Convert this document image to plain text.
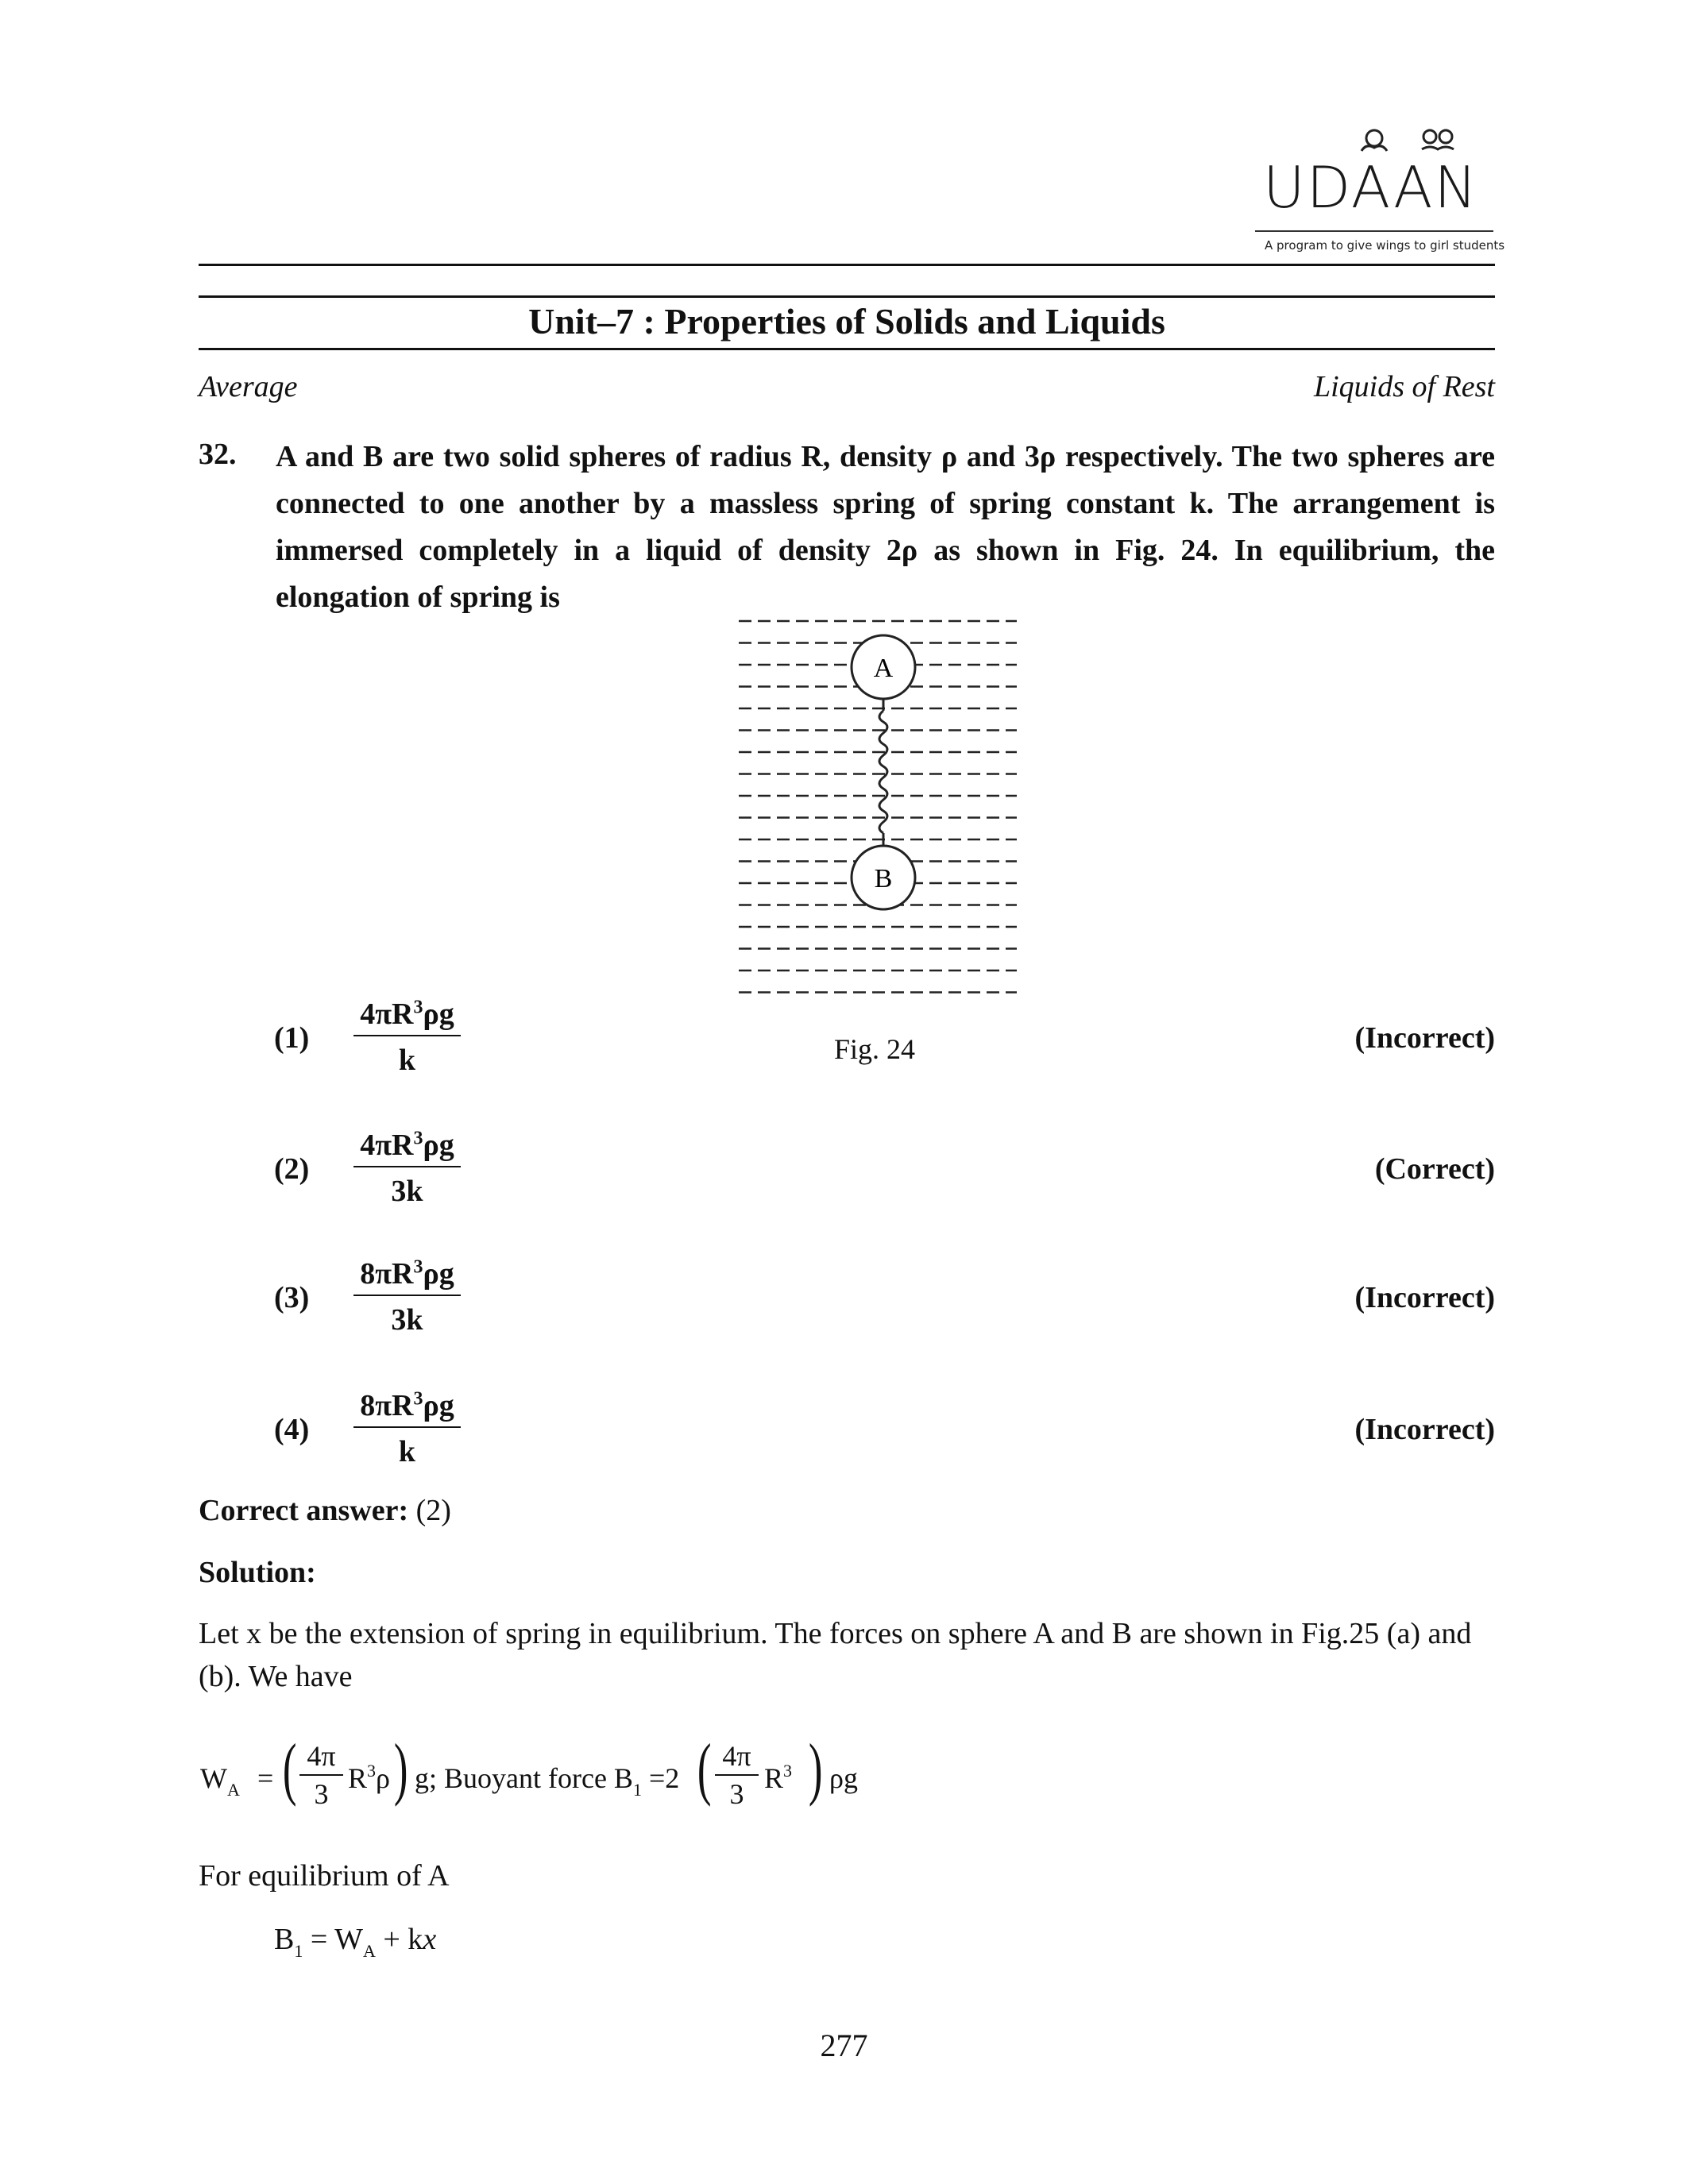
UDAAN
A program to give wings to girl students
Unit–7 : Properties of Solids and Liquids
Average	Liquids of Rest
32. A and B are two solid spheres of radius R, density ρ and 3ρ respectively. The two spheres are connected to one another by a massless spring of spring constant k. The arrangement is immersed completely in a liquid of density 2ρ as shown in Fig. 24. In equilibrium, the elongation of spring is
A
B
Fig. 24
$(1) \frac{4\pi R^3\rho g}{k}$	(Incorrect)
$(2) \frac{4\pi R^3\rho g}{3k}$	(Correct)
$(3) \frac{8\pi R^3\rho g}{3k}$	(Incorrect)
$(4) \frac{8\pi R^3\rho g}{k}$	(Incorrect)
Correct answer: (2)
Solution:
Let x be the extension of spring in equilibrium. The forces on sphere A and B are shown in Fig.25 (a) and (b). We have
$W_A$ = ( 4π
3 $R^3\rho$ ) g; Buoyant force $B_1 =2$ ( 4π
3 $R^3$ ) ρg
For equilibrium of A
$B_1 = W_A$ + kx
277
